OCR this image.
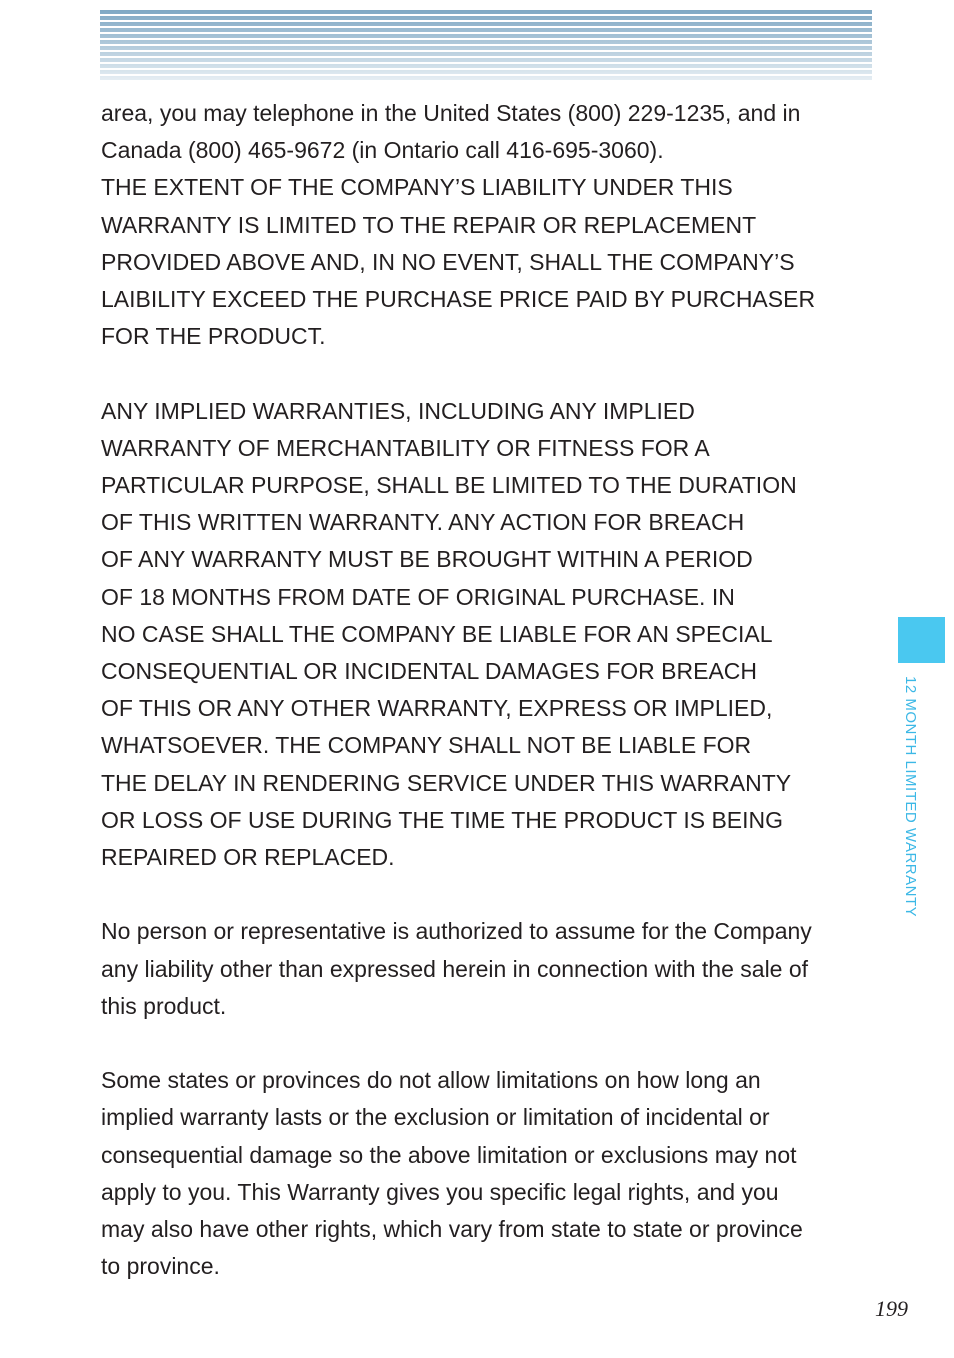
area, you may telephone in the United States (800) 229-1235, and in
Canada (800) 465-9672 (in Ontario call 416-695-3060).
THE EXTENT OF THE COMPANY’S LIABILITY UNDER THIS
WARRANTY IS LIMITED TO THE REPAIR OR REPLACEMENT
PROVIDED ABOVE AND, IN NO EVENT, SHALL THE COMPANY’S
LAIBILITY EXCEED THE PURCHASE PRICE PAID BY PURCHASER
FOR THE PRODUCT.

ANY IMPLIED WARRANTIES, INCLUDING ANY IMPLIED
WARRANTY OF MERCHANTABILITY OR FITNESS FOR A
PARTICULAR PURPOSE, SHALL BE LIMITED TO THE DURATION
OF THIS WRITTEN WARRANTY. ANY ACTION FOR BREACH
OF ANY WARRANTY MUST BE BROUGHT WITHIN A PERIOD
OF 18 MONTHS FROM DATE OF ORIGINAL PURCHASE. IN
NO CASE SHALL THE COMPANY BE LIABLE FOR AN SPECIAL
CONSEQUENTIAL OR INCIDENTAL DAMAGES FOR BREACH
OF THIS OR ANY OTHER WARRANTY, EXPRESS OR IMPLIED,
WHATSOEVER. THE COMPANY SHALL NOT BE LIABLE FOR
THE DELAY IN RENDERING SERVICE UNDER THIS WARRANTY
OR LOSS OF USE DURING THE TIME THE PRODUCT IS BEING
REPAIRED OR REPLACED.

No person or representative is authorized to assume for the Company
any liability other than expressed herein in connection with the sale of
this product.

Some states or provinces do not allow limitations on how long an
implied warranty lasts or the exclusion or limitation of incidental or
consequential damage so the above limitation or exclusions may not
apply to you. This Warranty gives you specific legal rights, and you
may also have other rights, which vary from state to state or province
to province.

12 MONTH LIMITED WARRANTY
199
